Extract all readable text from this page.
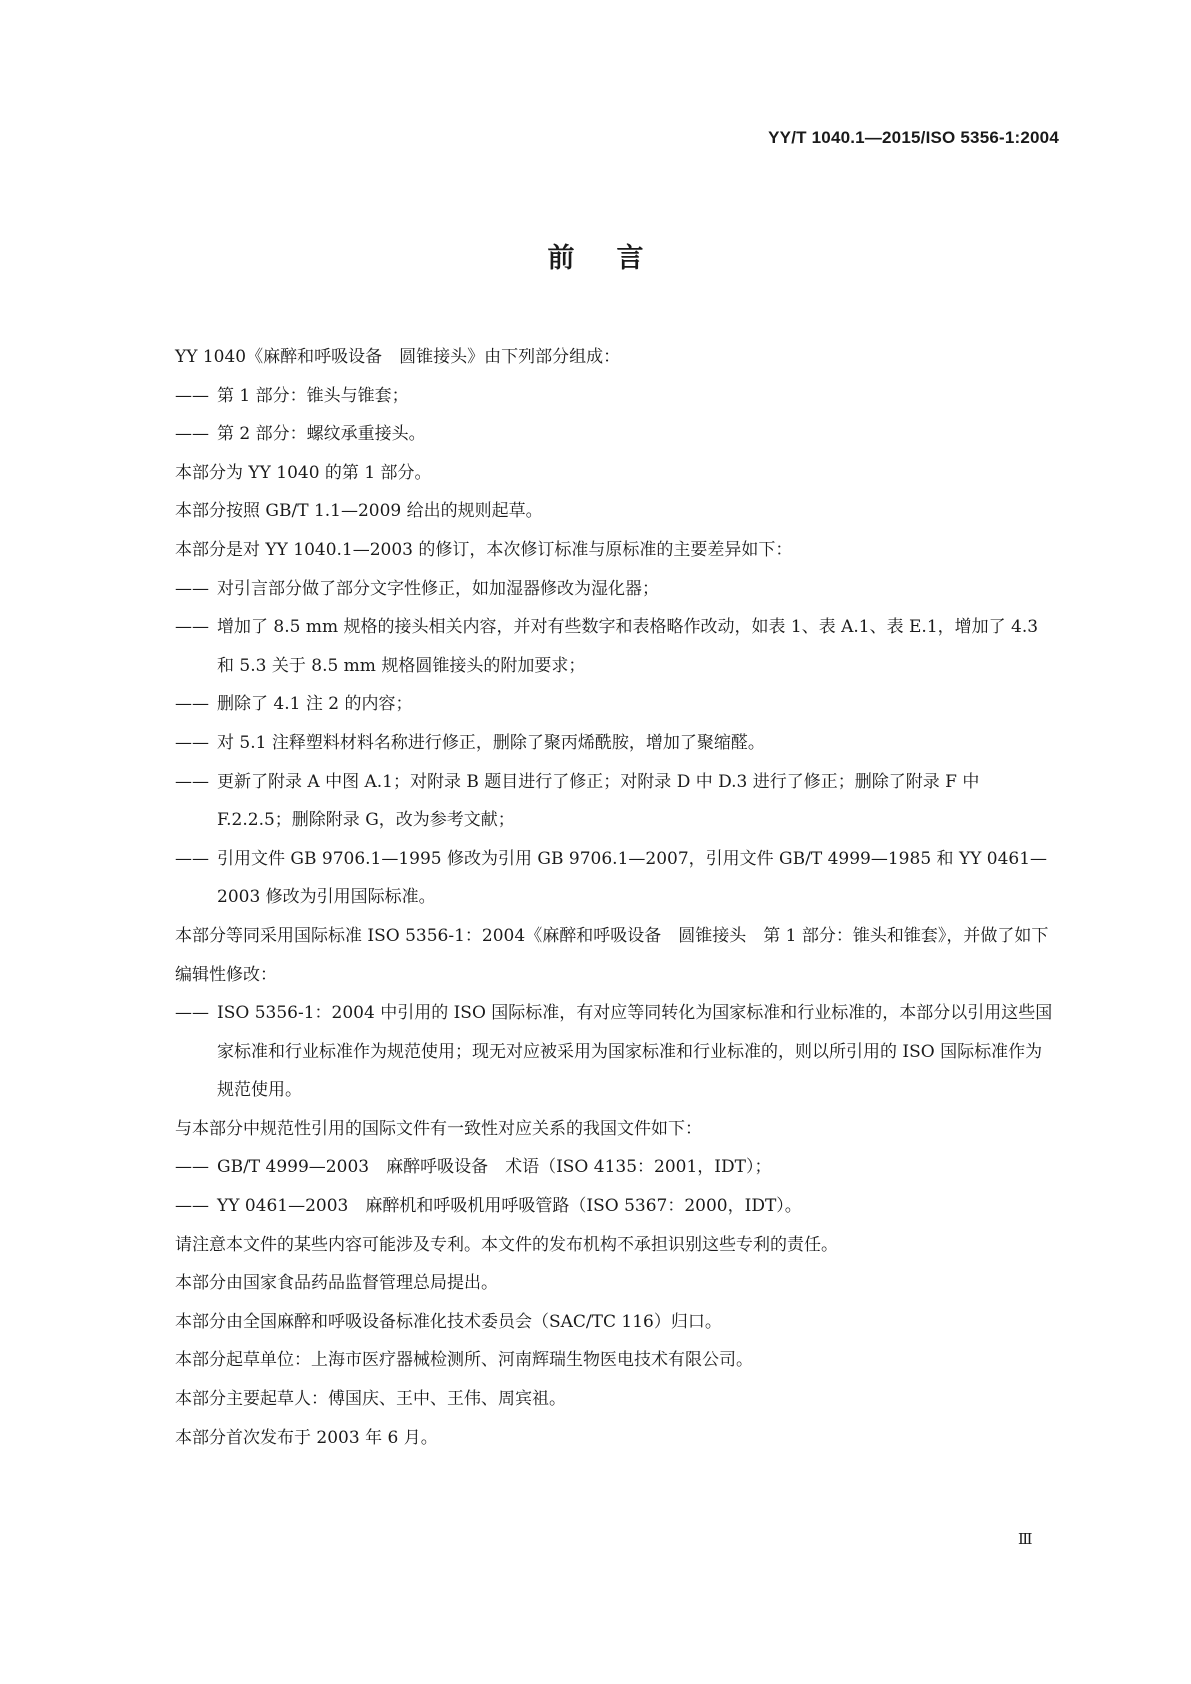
YY/T 1040.1—2015/ISO 5356-1:2004
前言

YY 1040《麻醉和呼吸设备　圆锥接头》由下列部分组成：

—— 第 1 部分：锥头与锥套；

—— 第 2 部分：螺纹承重接头。

本部分为 YY 1040 的第 1 部分。

本部分按照 GB/T 1.1—2009 给出的规则起草。

本部分是对 YY 1040.1—2003 的修订，本次修订标准与原标准的主要差异如下：

—— 对引言部分做了部分文字性修正，如加湿器修改为湿化器；

—— 增加了 8.5 mm 规格的接头相关内容，并对有些数字和表格略作改动，如表 1、表 A.1、表 E.1，增加了 4.3 和 5.3 关于 8.5 mm 规格圆锥接头的附加要求；

—— 删除了 4.1 注 2 的内容；

—— 对 5.1 注释塑料材料名称进行修正，删除了聚丙烯酰胺，增加了聚缩醛。

—— 更新了附录 A 中图 A.1；对附录 B 题目进行了修正；对附录 D 中 D.3 进行了修正；删除了附录 F 中 F.2.2.5；删除附录 G，改为参考文献；

—— 引用文件 GB 9706.1—1995 修改为引用 GB 9706.1—2007，引用文件 GB/T 4999—1985 和 YY 0461—2003 修改为引用国际标准。

本部分等同采用国际标准 ISO 5356-1：2004《麻醉和呼吸设备　圆锥接头　第 1 部分：锥头和锥套》，并做了如下编辑性修改：

—— ISO 5356-1：2004 中引用的 ISO 国际标准，有对应等同转化为国家标准和行业标准的，本部分以引用这些国家标准和行业标准作为规范使用；现无对应被采用为国家标准和行业标准的，则以所引用的 ISO 国际标准作为规范使用。

与本部分中规范性引用的国际文件有一致性对应关系的我国文件如下：

—— GB/T 4999—2003　麻醉呼吸设备　术语（ISO 4135：2001，IDT）；

—— YY 0461—2003　麻醉机和呼吸机用呼吸管路（ISO 5367：2000，IDT）。

请注意本文件的某些内容可能涉及专利。本文件的发布机构不承担识别这些专利的责任。

本部分由国家食品药品监督管理总局提出。

本部分由全国麻醉和呼吸设备标准化技术委员会（SAC/TC 116）归口。

本部分起草单位：上海市医疗器械检测所、河南辉瑞生物医电技术有限公司。

本部分主要起草人：傅国庆、王中、王伟、周宾祖。

本部分首次发布于 2003 年 6 月。

Ⅲ
